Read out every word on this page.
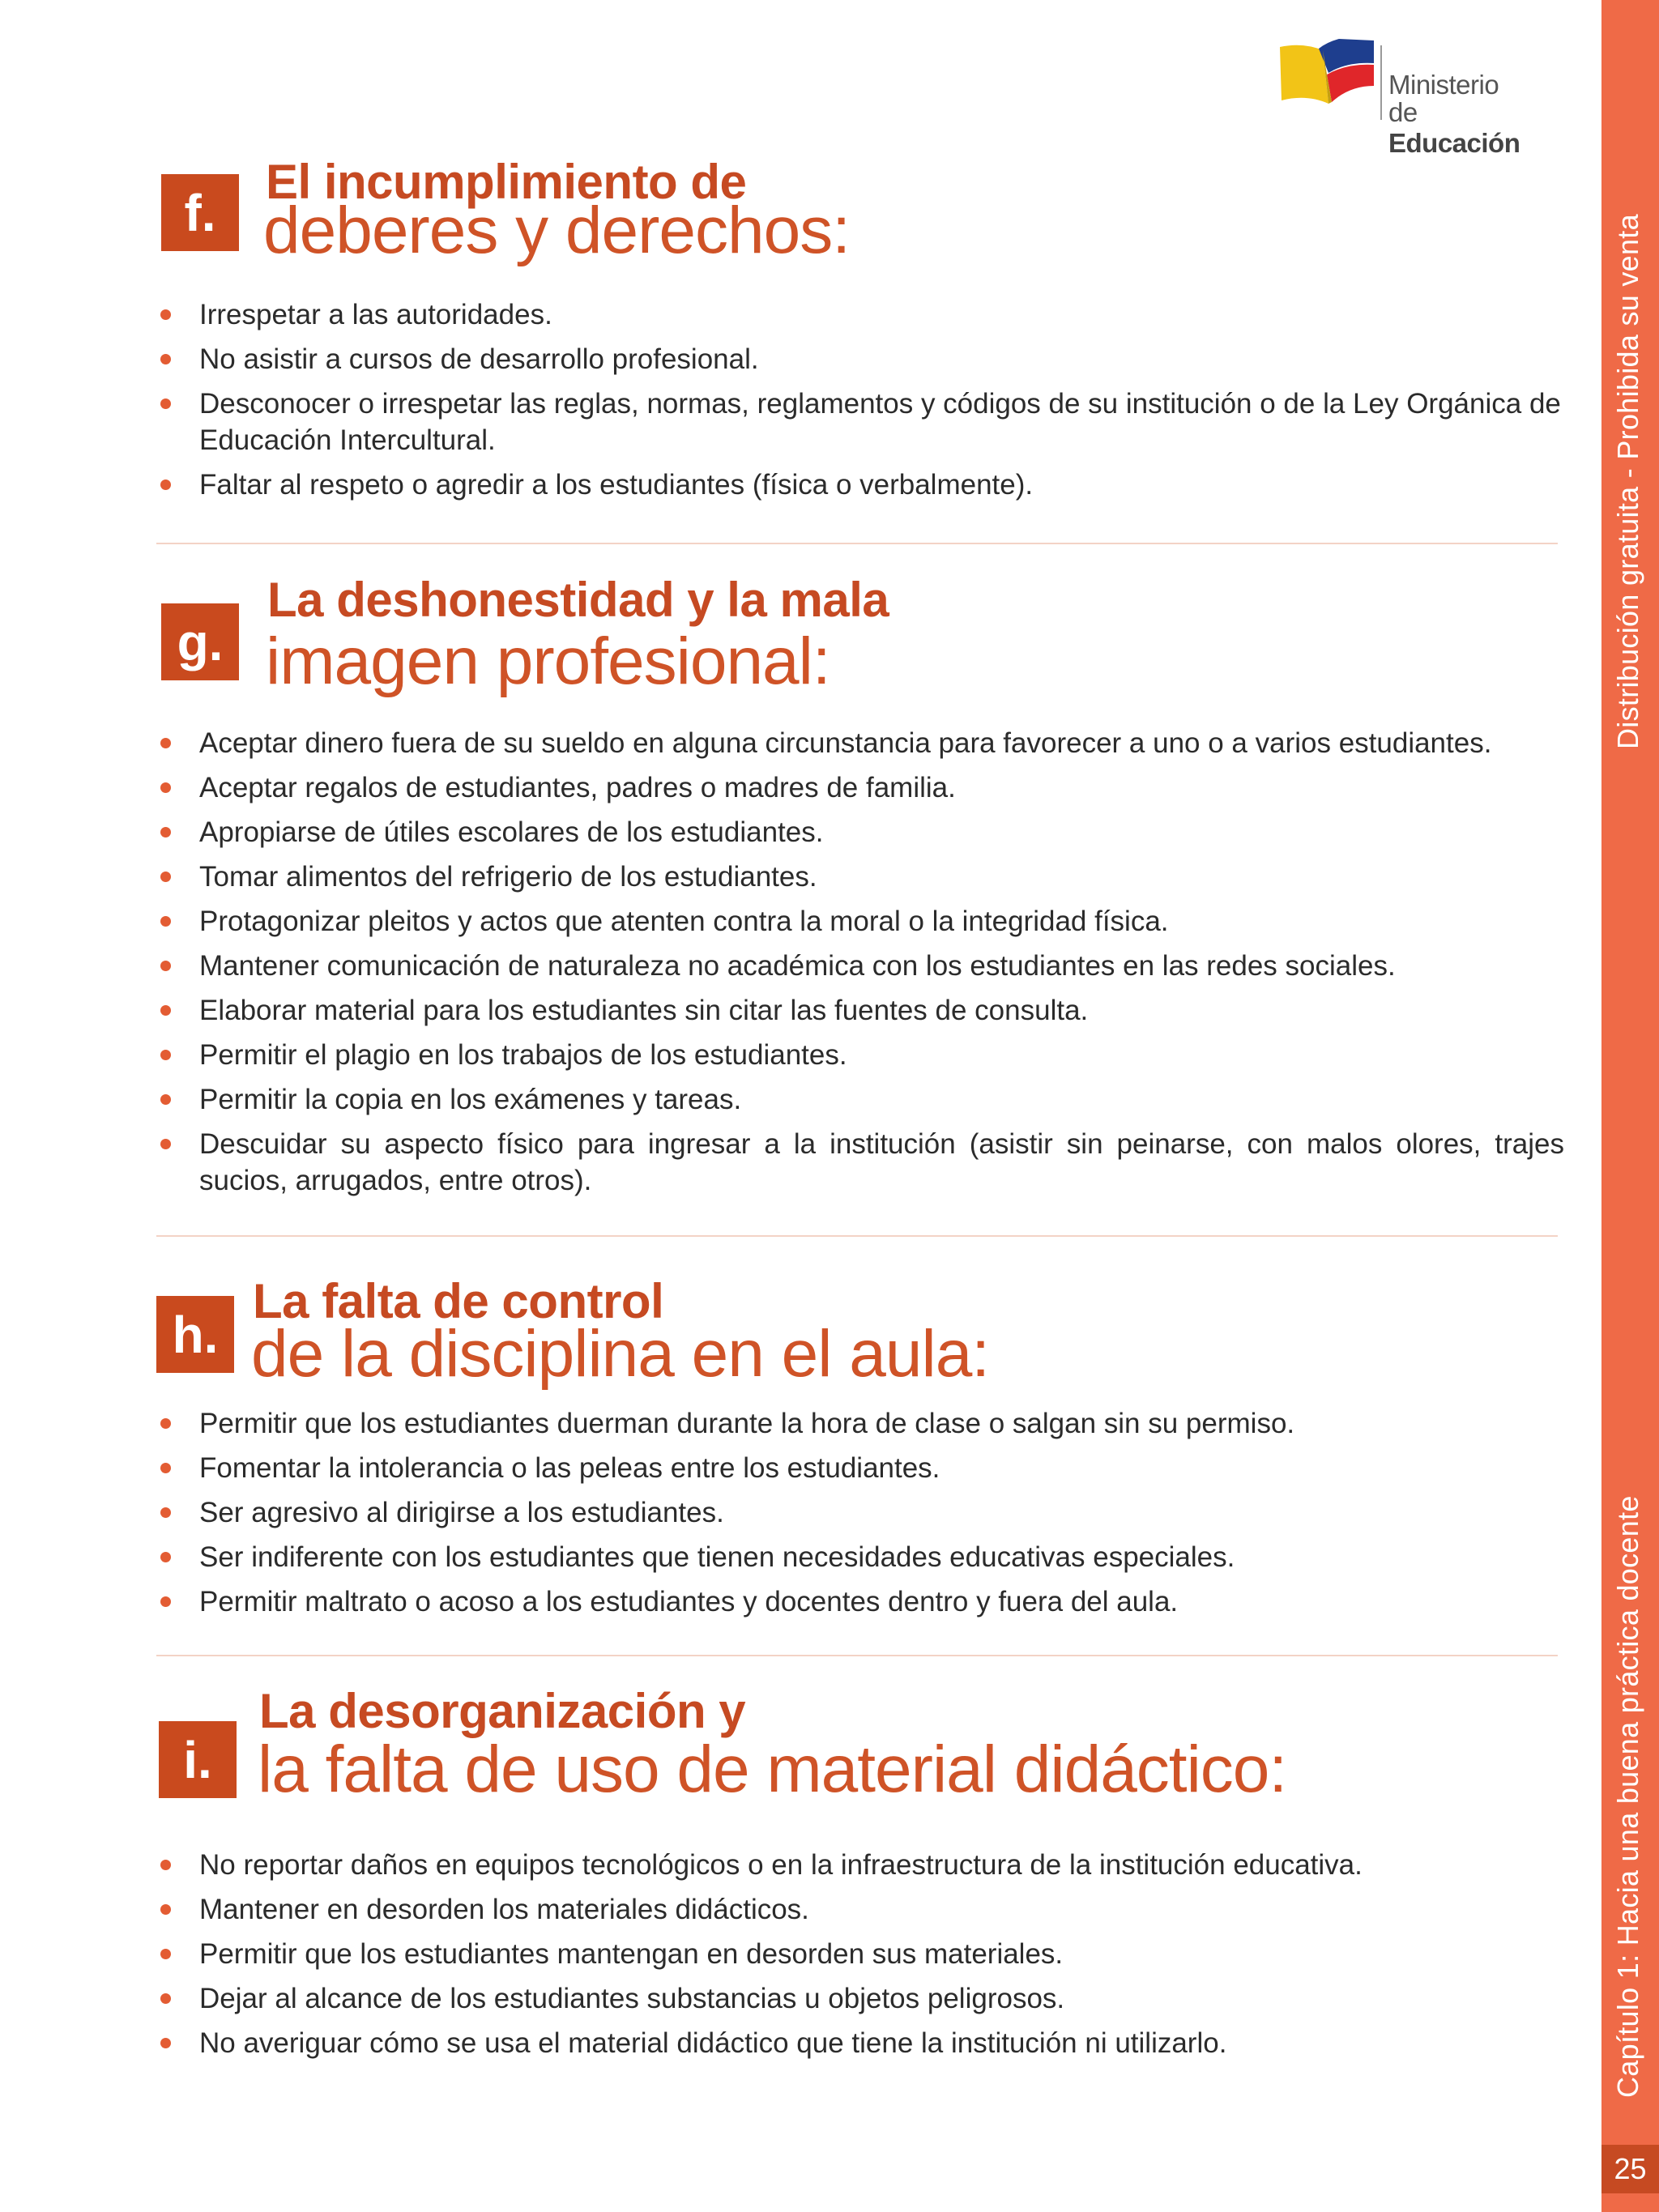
Ministerio
de Educación
f.
El incumplimiento de
deberes y derechos:
Irrespetar a las autoridades.
No asistir a cursos de desarrollo profesional.
Desconocer o irrespetar las reglas, normas, reglamentos y códigos de su institución o de la Ley Orgánica de Educación Intercultural.
Faltar al respeto o agredir a los estudiantes (física o verbalmente).
g.
La deshonestidad y la mala
imagen profesional:
Aceptar dinero fuera de su sueldo en alguna circunstancia para favorecer a uno o a varios estudiantes.
Aceptar regalos de estudiantes, padres o madres de familia.
Apropiarse de útiles escolares de los estudiantes.
Tomar alimentos del refrigerio de los estudiantes.
Protagonizar pleitos y actos que atenten contra la moral o la integridad física.
Mantener comunicación de naturaleza no académica con los estudiantes en las redes sociales.
Elaborar material para los estudiantes sin citar las fuentes de consulta.
Permitir el plagio en los trabajos de los estudiantes.
Permitir la copia en los exámenes y tareas.
Descuidar su aspecto físico para ingresar a la institución (asistir sin peinarse, con malos olores, trajes sucios, arrugados, entre otros).
h.
La falta de control
de la disciplina en el aula:
Permitir que los estudiantes duerman durante la hora de clase o salgan sin su permiso.
Fomentar la intolerancia o las peleas entre los estudiantes.
Ser agresivo al dirigirse a los estudiantes.
Ser indiferente con los estudiantes que tienen necesidades educativas especiales.
Permitir maltrato o acoso a los estudiantes y docentes dentro y fuera del aula.
i.
La desorganización y
la falta de uso de material didáctico:
No reportar daños en equipos tecnológicos o en la infraestructura de la institución educativa.
Mantener en desorden los materiales didácticos.
Permitir que los estudiantes mantengan en desorden sus materiales.
Dejar al alcance de los estudiantes substancias u objetos peligrosos.
No averiguar cómo se usa el material didáctico que tiene la institución ni utilizarlo.
Distribución gratuita - Prohibida su venta
Capítulo 1: Hacia una buena práctica docente
25
